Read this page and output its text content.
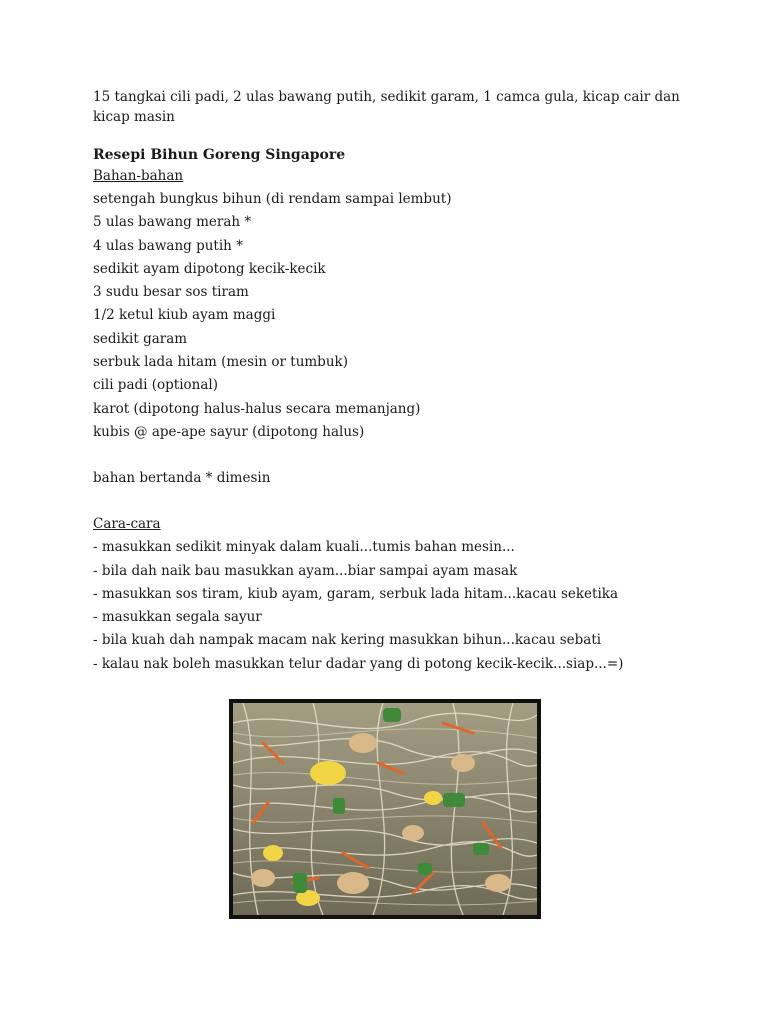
15 tangkai cili padi, 2 ulas bawang putih, sedikit garam, 1 camca gula, kicap cair dan kicap masin

Resepi Bihun Goreng Singapore

Bahan-bahan

setengah bungkus bihun (di rendam sampai lembut)
5 ulas bawang merah *
4 ulas bawang putih *
sedikit ayam dipotong kecik-kecik
3 sudu besar sos tiram
1/2 ketul kiub ayam maggi
sedikit garam
serbuk lada hitam (mesin or tumbuk)
cili padi (optional)
karot (dipotong halus-halus secara memanjang)
kubis @ ape-ape sayur (dipotong halus)

bahan bertanda * dimesin

Cara-cara

- masukkan sedikit minyak dalam kuali...tumis bahan mesin...
- bila dah naik bau masukkan ayam...biar sampai ayam masak
- masukkan sos tiram, kiub ayam, garam, serbuk lada hitam...kacau seketika
- masukkan segala sayur
- bila kuah dah nampak macam nak kering masukkan bihun...kacau sebati
- kalau nak boleh masukkan telur dadar yang di potong kecik-kecik...siap...=)
